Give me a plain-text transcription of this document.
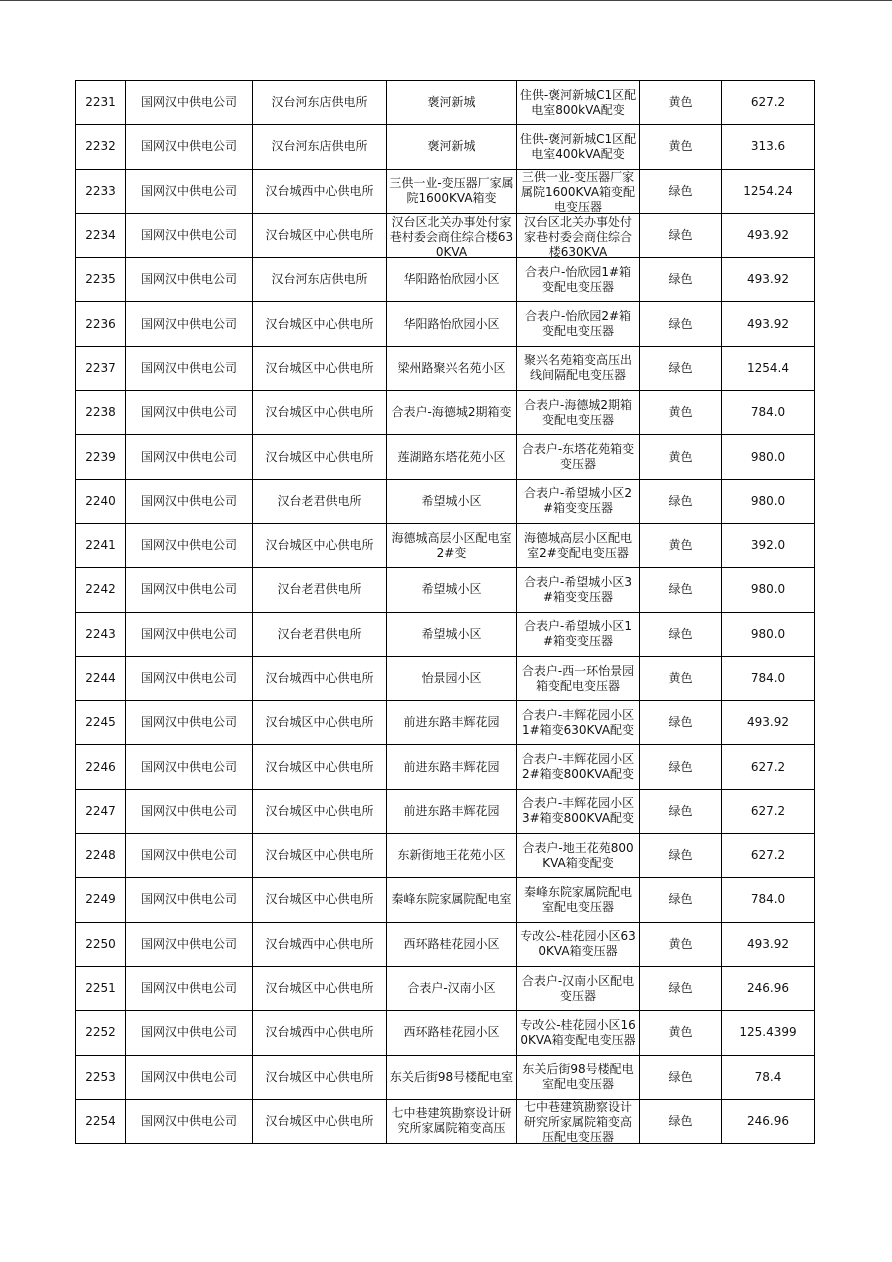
2231	国网汉中供电公司	汉台河东店供电所	褒河新城	住供-褒河新城C1区配电室800kVA配变	黄色	627.2

2232	国网汉中供电公司	汉台河东店供电所	褒河新城	住供-褒河新城C1区配电室400kVA配变	黄色	313.6

2233	国网汉中供电公司	汉台城西中心供电所	三供一业-变压器厂家属院1600KVA箱变	三供一业-变压器厂家属院1600KVA箱变配电变压器	绿色	1254.24

2234	国网汉中供电公司	汉台城区中心供电所	汉台区北关办事处付家巷村委会商住综合楼630KVA	汉台区北关办事处付家巷村委会商住综合楼630KVA	绿色	493.92

2235	国网汉中供电公司	汉台河东店供电所	华阳路怡欣园小区	合表户-怡欣园1#箱变配电变压器	绿色	493.92

2236	国网汉中供电公司	汉台城区中心供电所	华阳路怡欣园小区	合表户-怡欣园2#箱变配电变压器	绿色	493.92

2237	国网汉中供电公司	汉台城区中心供电所	梁州路聚兴名苑小区	聚兴名苑箱变高压出线间隔配电变压器	绿色	1254.4

2238	国网汉中供电公司	汉台城区中心供电所	合表户-海德城2期箱变	合表户-海德城2期箱变配电变压器	黄色	784.0

2239	国网汉中供电公司	汉台城区中心供电所	莲湖路东塔花苑小区	合表户-东塔花苑箱变变压器	黄色	980.0

2240	国网汉中供电公司	汉台老君供电所	希望城小区	合表户-希望城小区2#箱变变压器	绿色	980.0

2241	国网汉中供电公司	汉台城区中心供电所	海德城高层小区配电室2#变	海德城高层小区配电室2#变配电变压器	黄色	392.0

2242	国网汉中供电公司	汉台老君供电所	希望城小区	合表户-希望城小区3#箱变变压器	绿色	980.0

2243	国网汉中供电公司	汉台老君供电所	希望城小区	合表户-希望城小区1#箱变变压器	绿色	980.0

2244	国网汉中供电公司	汉台城西中心供电所	怡景园小区	合表户-西一环怡景园箱变配电变压器	黄色	784.0

2245	国网汉中供电公司	汉台城区中心供电所	前进东路丰辉花园	合表户-丰辉花园小区1#箱变630KVA配变	绿色	493.92

2246	国网汉中供电公司	汉台城区中心供电所	前进东路丰辉花园	合表户-丰辉花园小区2#箱变800KVA配变	绿色	627.2

2247	国网汉中供电公司	汉台城区中心供电所	前进东路丰辉花园	合表户-丰辉花园小区3#箱变800KVA配变	绿色	627.2

2248	国网汉中供电公司	汉台城区中心供电所	东新街地王花苑小区	合表户-地王花苑800KVA箱变配变	绿色	627.2

2249	国网汉中供电公司	汉台城区中心供电所	秦峰东院家属院配电室	秦峰东院家属院配电室配电变压器	绿色	784.0

2250	国网汉中供电公司	汉台城西中心供电所	西环路桂花园小区	专改公-桂花园小区630KVA箱变压器	黄色	493.92

2251	国网汉中供电公司	汉台城区中心供电所	合表户-汉南小区	合表户-汉南小区配电变压器	绿色	246.96

2252	国网汉中供电公司	汉台城西中心供电所	西环路桂花园小区	专改公-桂花园小区160KVA箱变配电变压器	黄色	125.4399

2253	国网汉中供电公司	汉台城区中心供电所	东关后街98号楼配电室	东关后街98号楼配电室配电变压器	绿色	78.4

2254	国网汉中供电公司	汉台城区中心供电所	七中巷建筑勘察设计研究所家属院箱变高压	七中巷建筑勘察设计研究所家属院箱变高压配电变压器	绿色	246.96
